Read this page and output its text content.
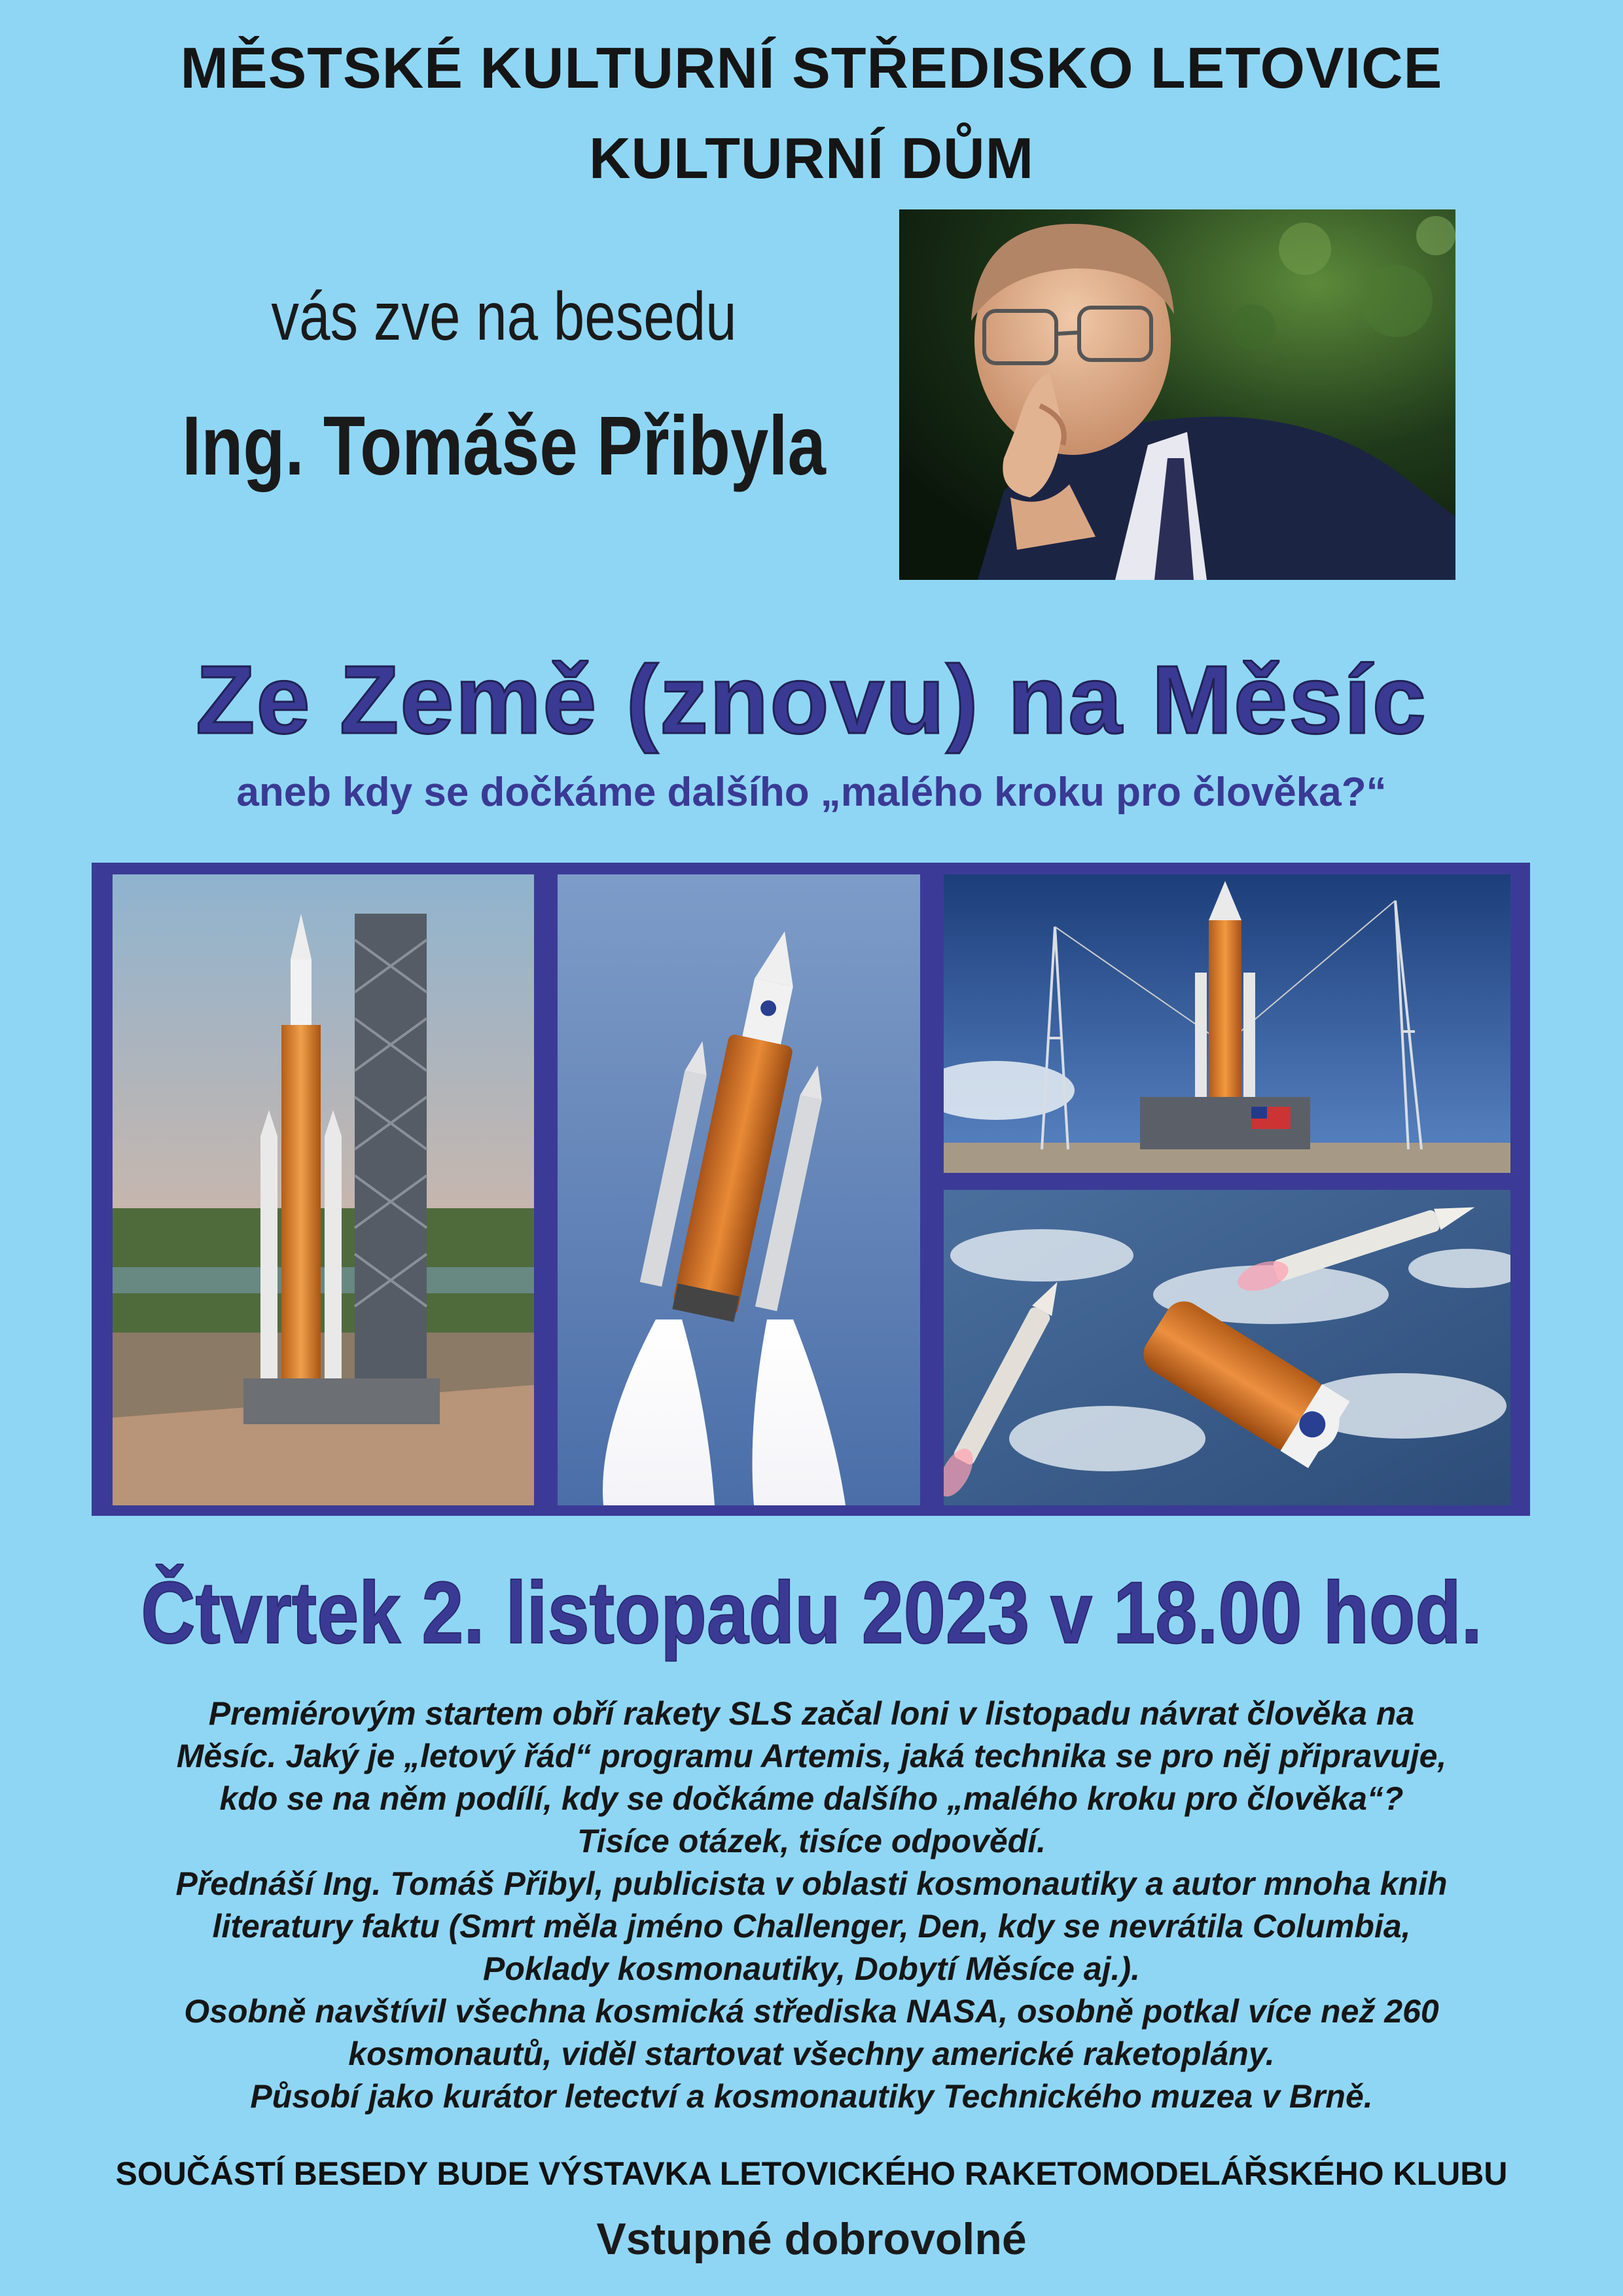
MĚSTSKÉ KULTURNÍ STŘEDISKO LETOVICE
KULTURNÍ DŮM
vás zve na besedu
Ing. Tomáše Přibyla
Ze Země (znovu) na Měsíc
aneb kdy se dočkáme dalšího „malého kroku pro člověka?“
Čtvrtek 2. listopadu 2023 v 18.00 hod.

Premiérovým startem obří rakety SLS začal loni v listopadu návrat člověka na

Měsíc. Jaký je „letový řád“ programu Artemis, jaká technika se pro něj připravuje,

kdo se na něm podílí, kdy se dočkáme dalšího „malého kroku pro člověka“?

Tisíce otázek, tisíce odpovědí.

Přednáší Ing. Tomáš Přibyl, publicista v oblasti kosmonautiky a autor mnoha knih

literatury faktu (Smrt měla jméno Challenger, Den, kdy se nevrátila Columbia,

Poklady kosmonautiky, Dobytí Měsíce aj.).

Osobně navštívil všechna kosmická střediska NASA, osobně potkal více než 260

kosmonautů, viděl startovat všechny americké raketoplány.

Působí jako kurátor letectví a kosmonautiky Technického muzea v Brně.

SOUČÁSTÍ BESEDY BUDE VÝSTAVKA LETOVICKÉHO RAKETOMODELÁŘSKÉHO KLUBU
Vstupné dobrovolné
